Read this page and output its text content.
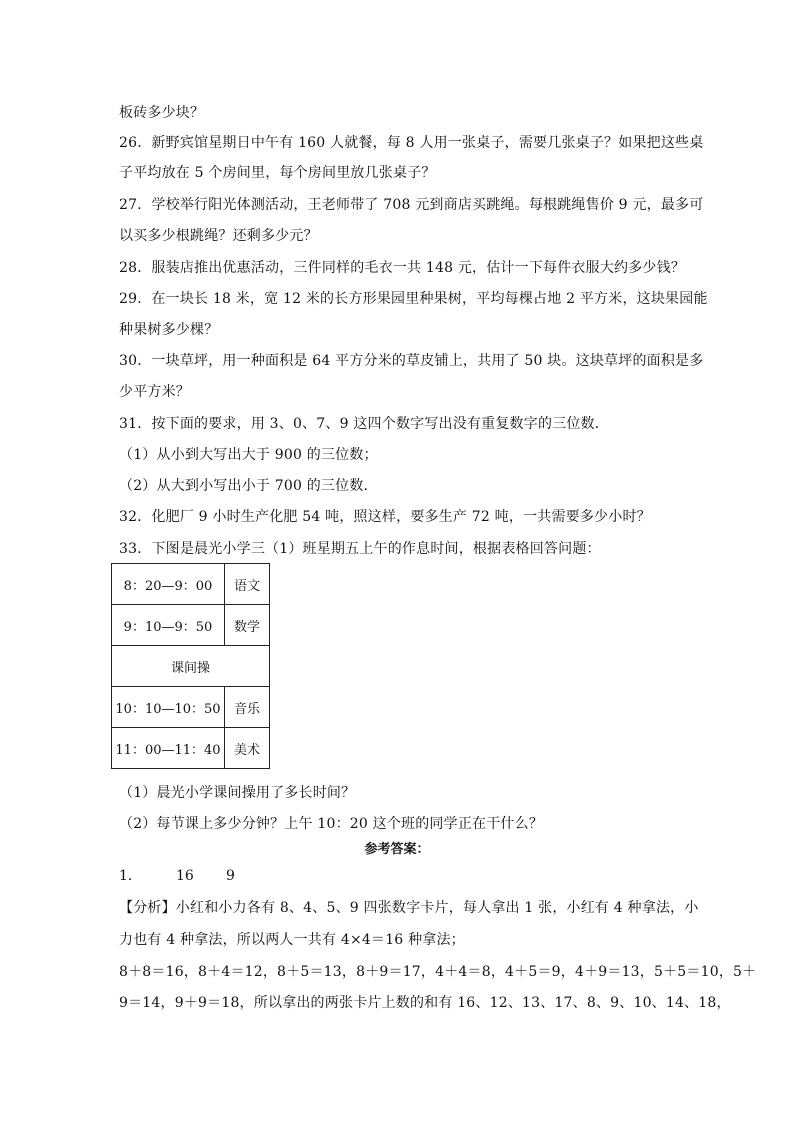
板砖多少块？
26．新野宾馆星期日中午有 160 人就餐，每 8 人用一张桌子，需要几张桌子？如果把这些桌
子平均放在 5 个房间里，每个房间里放几张桌子？
27．学校举行阳光体测活动，王老师带了 708 元到商店买跳绳。每根跳绳售价 9 元，最多可
以买多少根跳绳？还剩多少元？
28．服装店推出优惠活动，三件同样的毛衣一共 148 元，估计一下每件衣服大约多少钱？
29．在一块长 18 米，宽 12 米的长方形果园里种果树，平均每棵占地 2 平方米，这块果园能
种果树多少棵？
30．一块草坪，用一种面积是 64 平方分米的草皮铺上，共用了 50 块。这块草坪的面积是多
少平方米？
31．按下面的要求，用 3、0、7、9 这四个数字写出没有重复数字的三位数．
（1）从小到大写出大于 900 的三位数；
（2）从大到小写出小于 700 的三位数．
32．化肥厂 9 小时生产化肥 54 吨，照这样，要多生产 72 吨，一共需要多少小时？
33．下图是晨光小学三（1）班星期五上午的作息时间，根据表格回答问题：
8：20—9：00	语文
9：10—9：50	数学
课间操	
10：10—10：50	音乐
11：00—11：40	美术
（1）晨光小学课间操用了多长时间？
（2）每节课上多少分钟？上午 10：20 这个班的同学正在干什么？
参考答案：
1． 16 9
【分析】小红和小力各有 8、4、5、9 四张数字卡片，每人拿出 1 张，小红有 4 种拿法，小
力也有 4 种拿法，所以两人一共有 4×4＝16 种拿法；
8＋8＝16，8＋4＝12，8＋5＝13，8＋9＝17，4＋4＝8，4＋5＝9，4＋9＝13，5＋5＝10，5＋
9＝14，9＋9＝18，所以拿出的两张卡片上数的和有 16、12、13、17、8、9、10、14、18，
